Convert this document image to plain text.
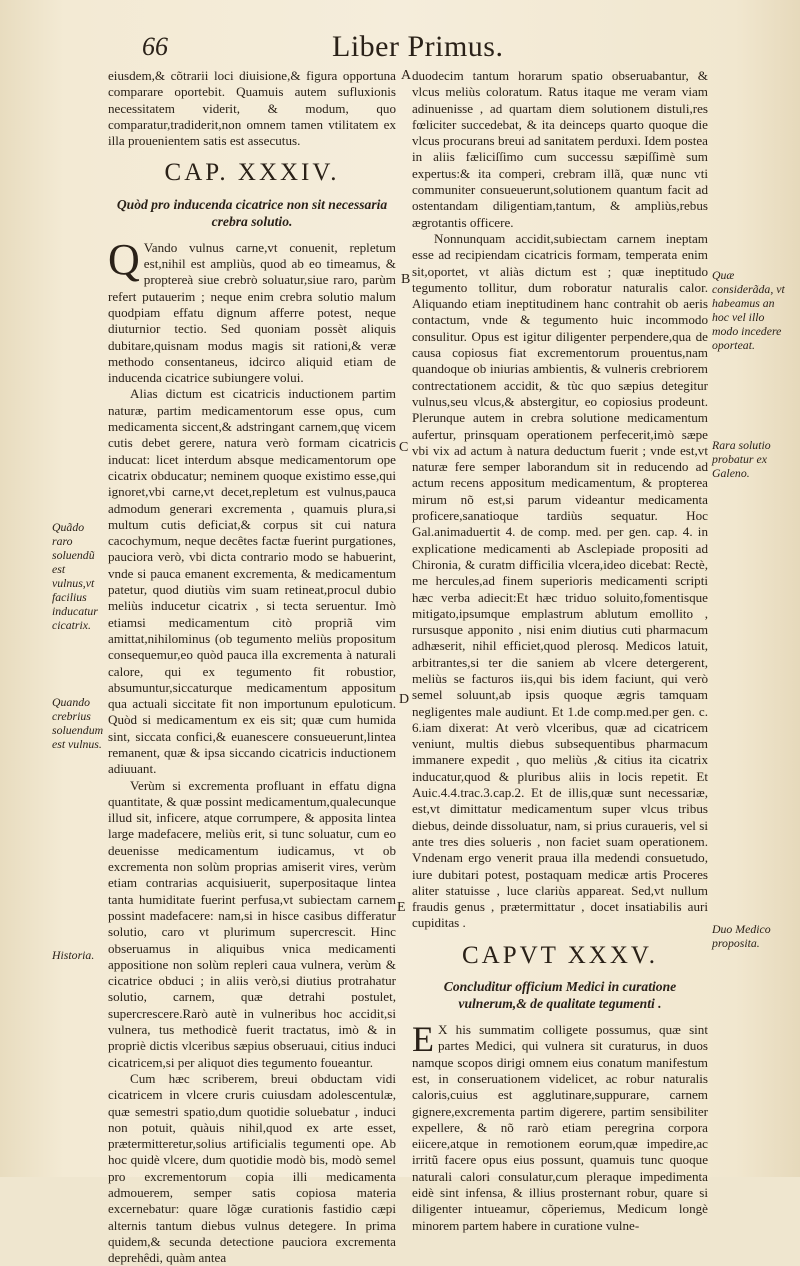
66	Liber Primus.

eiusdem,& cõtrarii loci diuisione,& figura opportuna comparare oportebit. Quamuis autem sufluxionis necessitatem viderit, & modum, quo comparatur,tradiderit,non omnem tamen vtilitatem ex illa prouenientem satis est assecutus.

CAP. XXXIV.
Quòd pro inducenda cicatrice non sit necessaria crebra solutio.

Q Vando vulnus carne,vt conuenit, repletum est,nihil est ampliùs, quod ab eo timeamus, & proptereà siue crebrò soluatur,siue raro, parùm refert putauerim ; neque enim crebra solutio malum quodpiam effatu dignum afferre potest, neque diuturnior tectio. Sed quoniam possèt aliquis dubitare,quisnam modus magis sit rationi,& veræ methodo consentaneus, idcirco aliquid etiam de inducenda cicatrice subiungere volui.

Alias dictum est cicatricis inductionem partim naturæ, partim medicamentorum esse opus, cum medicamenta siccent,& adstringant carnem,quę vicem cutis debet gerere, natura verò formam cicatricis inducat: licet interdum absque medicamentorum ope cicatrix obducatur; neminem quoque existimo esse,qui ignoret,vbi carne,vt decet,repletum est vulnus,pauca admodum generari excrementa , quamuis plura,si multum cutis deficiat,& corpus sit cui natura cacochymum, neque decêtes factæ fuerint purgationes, pauciora verò, vbi dicta contrario modo se habuerint, vnde si pauca emanent excrementa, & medicamentum patetur, quod diutiùs vim suam retineat,procul dubio meliùs inducetur cicatrix , si tecta seruentur. Imò etiamsi medicamentum citò propriã vim amittat,nihilominus (ob tegumento meliùs propositum consequemur,eo quòd pauca illa excrementa à naturali calore, qui ex tegumento fit robustior, absumuntur,siccaturque medicamentum appositum qua actuali siccitate fit non importunum epuloticum. Quòd si medicamentum ex eis sit; quæ cum humida sint, siccata confici,& euanescere consueuerunt,lintea remanent, quæ & ipsa siccando cicatricis inductionem adiuuant.

Verùm si excrementa profluant in effatu digna quantitate, & quæ possint medicamentum,qualecunque illud sit, inficere, atque corrumpere, & apposita lintea large madefacere, meliùs erit, si tunc soluatur, cum eo deuenisse medicamentum iudicamus, vt ob excrementa non solùm proprias amiserit vires, verùm etiam contrarias acquisiuerit, superpositaque lintea tanta humiditate fuerint perfusa,vt subiectam carnem possint madefacere: nam,si in hisce casibus differatur solutio, caro vt plurimum supercrescit. Hinc obseruamus in aliquibus vnica medicamenti appositione non solùm repleri caua vulnera, verùm & cicatrice obduci ; in aliis verò,si diutius protrahatur solutio, carnem, quæ detrahi postulet, supercrescere.Rarò autè in vulneribus hoc accidit,si vulnera, tus methodicè fuerit tractatus, imò & in propriè dictis vlceribus sæpius obseruaui, citius induci cicatricem,si per aliquot dies tegumento foueantur.

Cum hæc scriberem, breui obductam vidi cicatricem in vlcere cruris cuiusdam adolescentulæ, quæ semestri spatio,dum quotidie soluebatur , induci non potuit, quàuis nihil,quod ex arte esset, prætermitteretur,solius artificialis tegumenti ope. Ab hoc quidè vlcere, dum quotidie modò bis, modò semel pro excrementorum copia illi medicamenta admouerem, semper satis copiosa materia excernebatur: quare lõgæ curationis fastidio cæpi alternis tantum diebus vulnus detegere. In prima quidem,& secunda detectione pauciora excrementa deprehêdi, quàm antea

duodecim tantum horarum spatio obseruabantur, & vlcus meliùs coloratum. Ratus itaque me veram viam adinuenisse , ad quartam diem solutionem distuli,res fœliciter succedebat, & ita deinceps quarto quoque die vlcus procurans breui ad sanitatem perduxi. Idem postea in aliis fæliciſſimo cum successu sæpiſſimè sum expertus:& ita comperi, crebram illã, quæ nunc vti communiter consueuerunt,solutionem quantum facit ad ostentandam diligentiam,tantum, & ampliùs,rebus ægrotantis officere.

Nonnunquam accidit,subiectam carnem ineptam esse ad recipiendam cicatricis formam, temperata enim sit,oportet, vt aliàs dictum est ; quæ ineptitudo tegumento tollitur, dum roboratur naturalis calor. Aliquando etiam ineptitudinem hanc contrahit ob aeris contactum, vnde & tegumento huic incommodo consulitur. Opus est igitur diligenter perpendere,qua de causa copiosus fiat excrementorum prouentus,nam quandoque ob iniurias ambientis, & vulneris crebriorem contrectationem accidit, & tùc quo sæpius detegitur vulnus,seu vlcus,& abstergitur, eo copiosius prodeunt. Plerunque autem in crebra solutione medicamentum aufertur, prinsquam operationem perfecerit,imò sæpe vbi vix ad actum à natura deductum fuerit ; vnde est,vt naturæ fere semper laborandum sit in reducendo ad actum recens appositum medicamentum, & propterea mirum nõ est,si parum videantur medicamenta proficere,sanatioque tardiùs sequatur. Hoc Gal.animaduertit 4. de comp. med. per gen. cap. 4. in explicatione medicamenti ab Asclepiade propositi ad Chironia, & curatm difficilia vlcera,ideo dicebat: Rectè, me hercules,ad finem superioris medicamenti scripti hæc verba adiecit:Et hæc triduo soluito,fomentisque mitigato,ipsumque emplastrum ablutum emollito , rursusque apponito , nisi enim diutius cuti pharmacum adhæserit, nihil efficiet,quod plerosq. Medicos latuit, arbitrantes,si ter die saniem ab vlcere detergerent, meliùs se facturos iis,qui bis idem faciunt, qui verò semel soluunt,ab ipsis quoque ægris tamquam negligentes male audiunt. Et 1.de comp.med.per gen. c. 6.iam dixerat: At verò vlceribus, quæ ad cicatricem veniunt, multis diebus subsequentibus pharmacum immanere expedit , quo meliùs ,& citius ita cicatrix inducatur,quod & pluribus aliis in locis repetit. Et Auic.4.4.trac.3.cap.2. Et de illis,quæ sunt necessariæ, est,vt dimittatur medicamentum super vlcus tribus diebus, deinde dissoluatur, nam, si prius curaueris, vel si ante tres dies solueris , non faciet suam operationem. Vndenam ergo venerit praua illa medendi consuetudo, iure dubitari potest, postaquam medicæ artis Proceres aliter statuisse , luce clariùs appareat. Sed,vt nullum fraudis genus , prætermittatur , docet insatiabilis auri cupiditas .

CAPVT XXXV.
Concluditur officium Medici in curatione vulnerum,& de qualitate tegumenti .

E X his summatim colligete possumus, quæ sint partes Medici, qui vulnera sit curaturus, in duos namque scopos dirigi omnem eius conatum manifestum est, in conseruationem videlicet, ac robur naturalis caloris,cuius est agglutinare,suppurare, carnem gignere,excrementa partim digerere, partim sensibiliter expellere, & nõ rarò etiam peregrina corpora eiicere,atque in remotionem eorum,quæ impedire,ac irritũ facere opus eius possunt, quamuis tunc quoque naturali calori consulatur,cum pleraque impedimenta eidè sint infensa, & illius prosternant robur, quare si diligenter intueamur, cõperiemus, Medicum longè minorem partem habere in curatione vulne-

A
B
C
D
E
Quãdo raro soluendũ est vulnus,vt facilius inducatur cicatrix.
Quando crebrius soluendum est vulnus.
Historia.
Quæ considerãda, vt habeamus an hoc vel illo modo incedere oporteat.
Rara solutio probatur ex Galeno.
Duo Medico proposita.
